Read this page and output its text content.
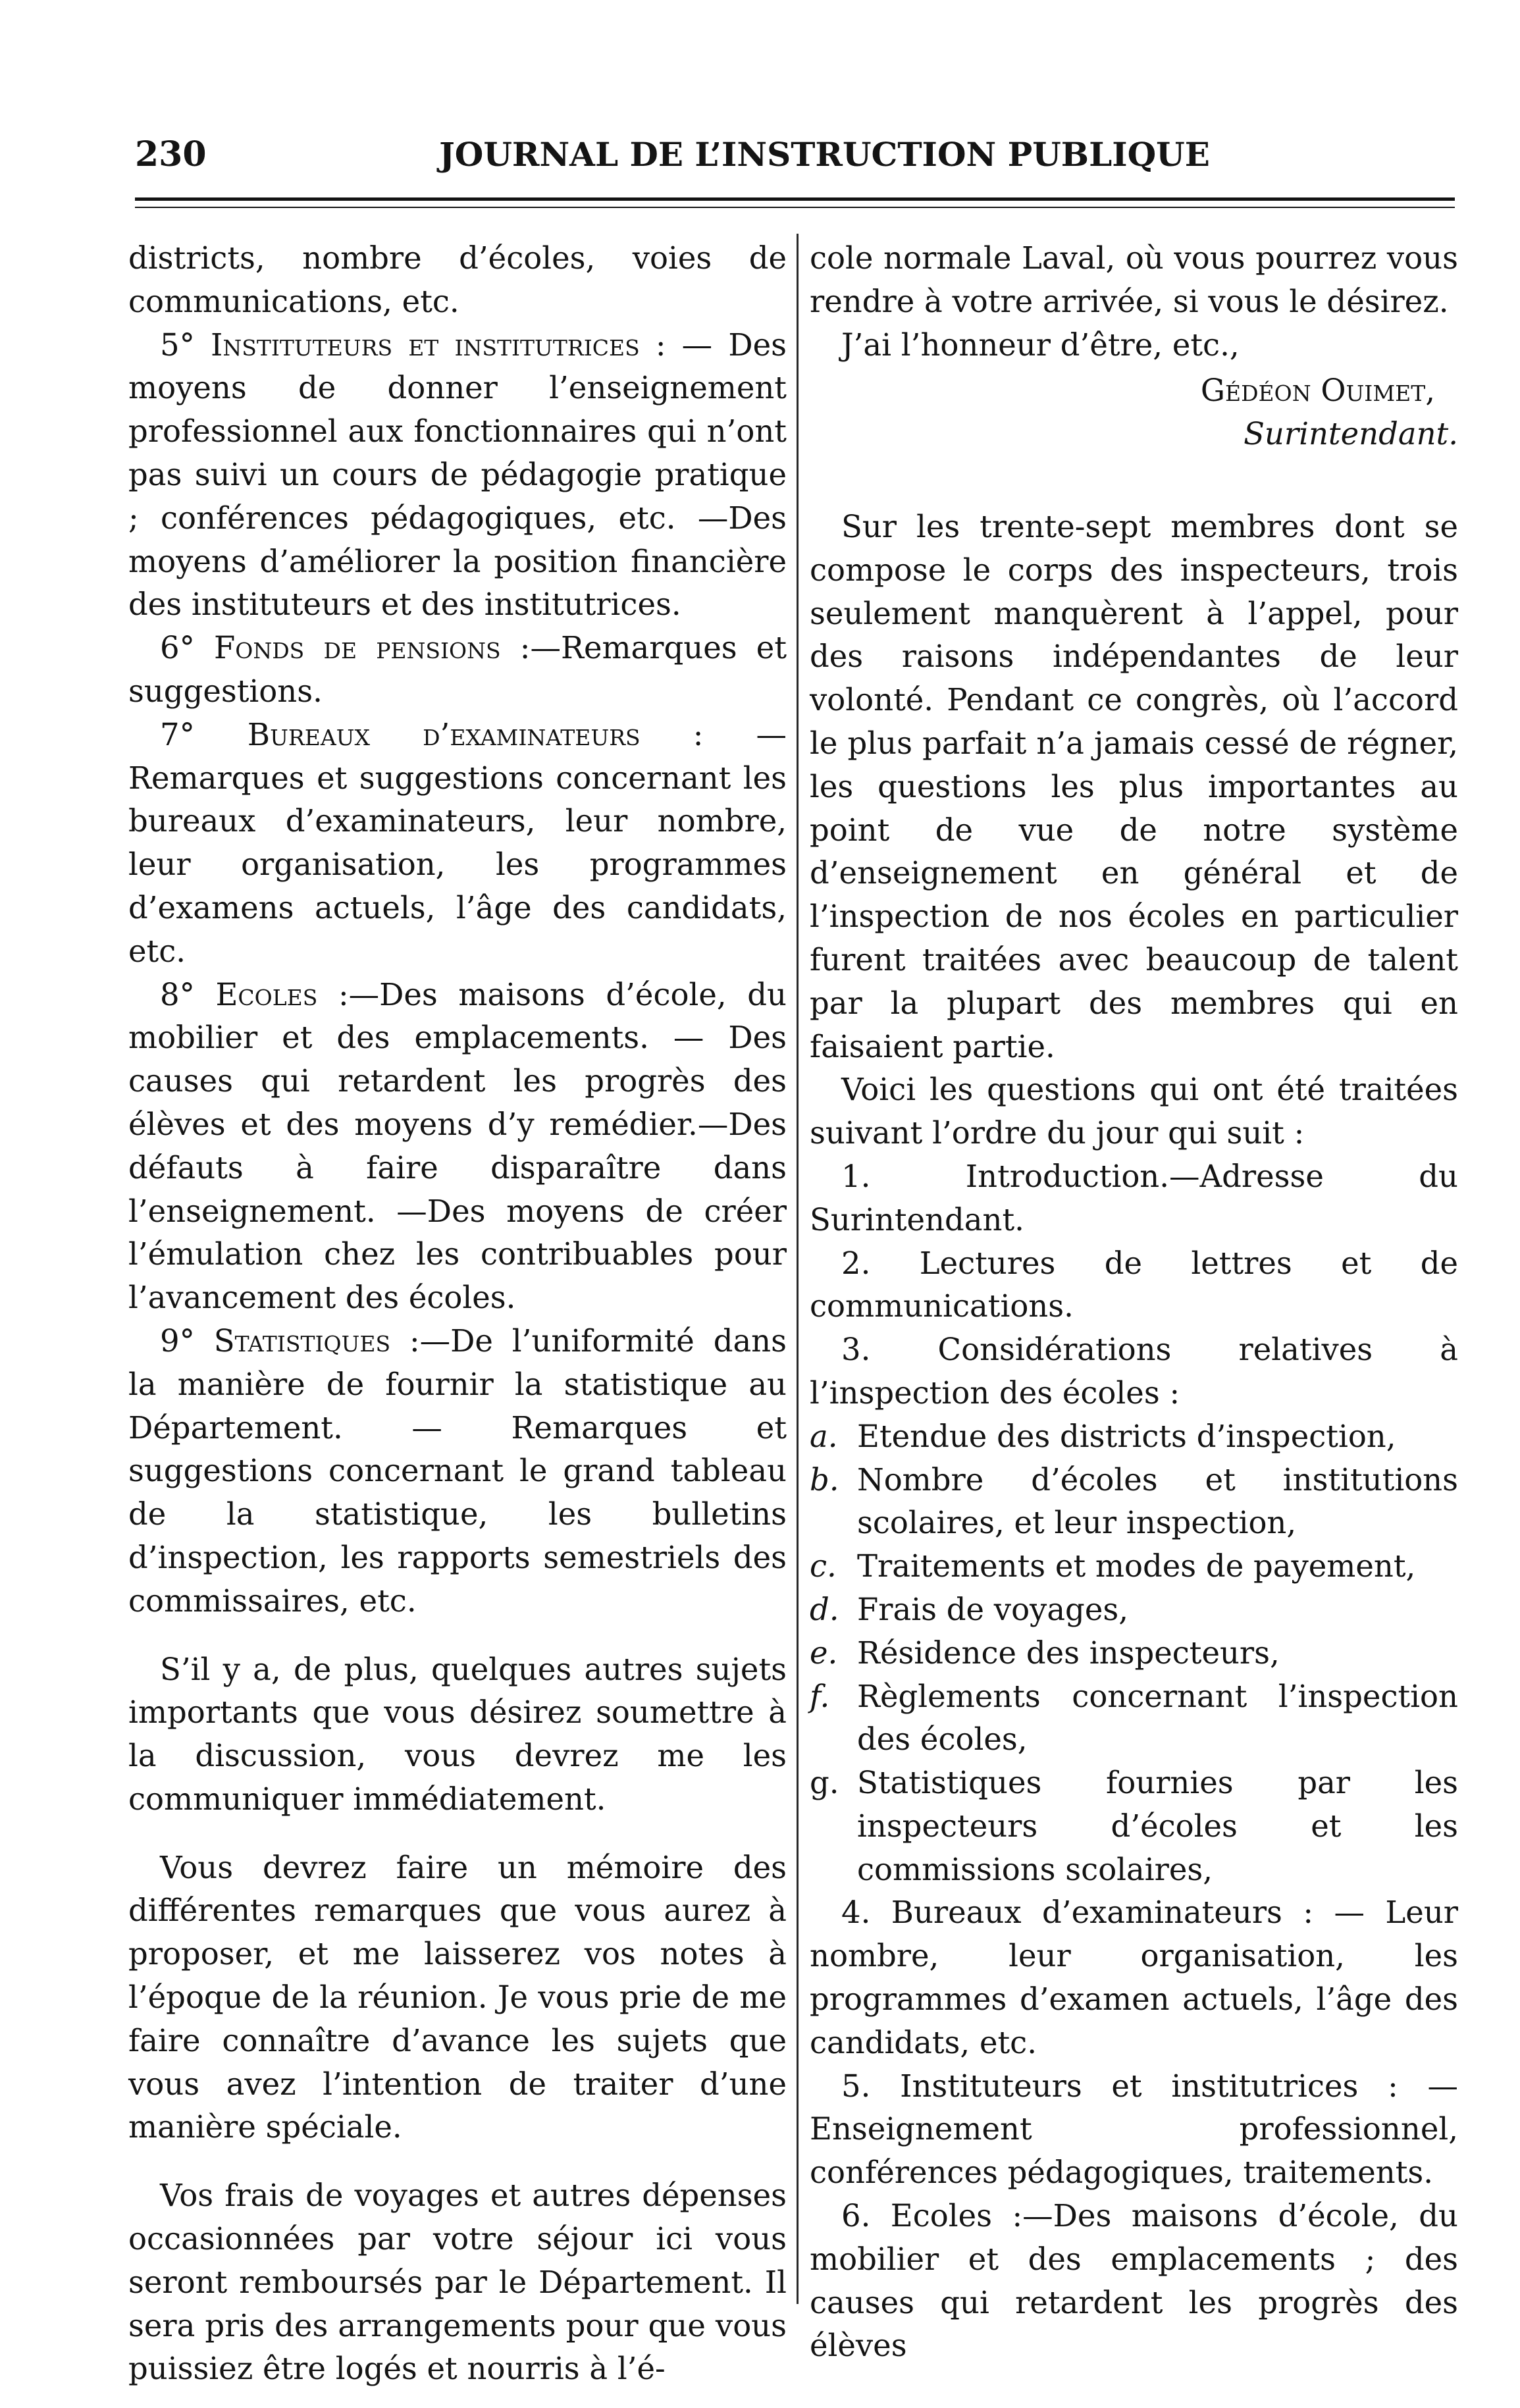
230	JOURNAL DE L’INSTRUCTION PUBLIQUE

districts, nombre d’écoles, voies de communications, etc.

5° Instituteurs et institutrices : — Des moyens de donner l’enseignement professionnel aux fonctionnaires qui n’ont pas suivi un cours de pédagogie pratique ; conférences pédagogiques, etc. —Des moyens d’améliorer la position financière des instituteurs et des institutrices.

6° Fonds de pensions :—Remarques et suggestions.

7° Bureaux d’examinateurs : — Remarques et suggestions concernant les bureaux d’examinateurs, leur nombre, leur organisation, les programmes d’examens actuels, l’âge des candidats, etc.

8° Ecoles :—Des maisons d’école, du mobilier et des emplacements. — Des causes qui retardent les progrès des élèves et des moyens d’y remédier.—Des défauts à faire disparaître dans l’enseignement. —Des moyens de créer l’émulation chez les contribuables pour l’avancement des écoles.

9° Statistiques :—De l’uniformité dans la manière de fournir la statistique au Département. — Remarques et suggestions concernant le grand tableau de la statistique, les bulletins d’inspection, les rapports semestriels des commissaires, etc.

S’il y a, de plus, quelques autres sujets importants que vous désirez soumettre à la discussion, vous devrez me les communiquer immédiatement.

Vous devrez faire un mémoire des différentes remarques que vous aurez à proposer, et me laisserez vos notes à l’époque de la réunion. Je vous prie de me faire connaître d’avance les sujets que vous avez l’intention de traiter d’une manière spéciale.

Vos frais de voyages et autres dépenses occasionnées par votre séjour ici vous seront remboursés par le Département. Il sera pris des arrangements pour que vous puissiez être logés et nourris à l’é-

cole normale Laval, où vous pourrez vous rendre à votre arrivée, si vous le désirez.

J’ai l’honneur d’être, etc.,

Gédéon Ouimet,

Surintendant.

Sur les trente-sept membres dont se compose le corps des inspecteurs, trois seulement manquèrent à l’appel, pour des raisons indépendantes de leur volonté. Pendant ce congrès, où l’accord le plus parfait n’a jamais cessé de régner, les questions les plus importantes au point de vue de notre système d’enseignement en général et de l’inspection de nos écoles en particulier furent traitées avec beaucoup de talent par la plupart des membres qui en faisaient partie.

Voici les questions qui ont été traitées suivant l’ordre du jour qui suit :

1. Introduction.—Adresse du Surintendant.

2. Lectures de lettres et de communications.

3. Considérations relatives à l’inspection des écoles :

a. Etendue des districts d’inspection,

b. Nombre d’écoles et institutions scolaires, et leur inspection,

c. Traitements et modes de payement,

d. Frais de voyages,

e. Résidence des inspecteurs,

f. Règlements concernant l’inspection des écoles,

g. Statistiques fournies par les inspecteurs d’écoles et les commissions scolaires,

4. Bureaux d’examinateurs : — Leur nombre, leur organisation, les programmes d’examen actuels, l’âge des candidats, etc.

5. Instituteurs et institutrices : — Enseignement professionnel, conférences pédagogiques, traitements.

6. Ecoles :—Des maisons d’école, du mobilier et des emplacements ; des causes qui retardent les progrès des élèves
